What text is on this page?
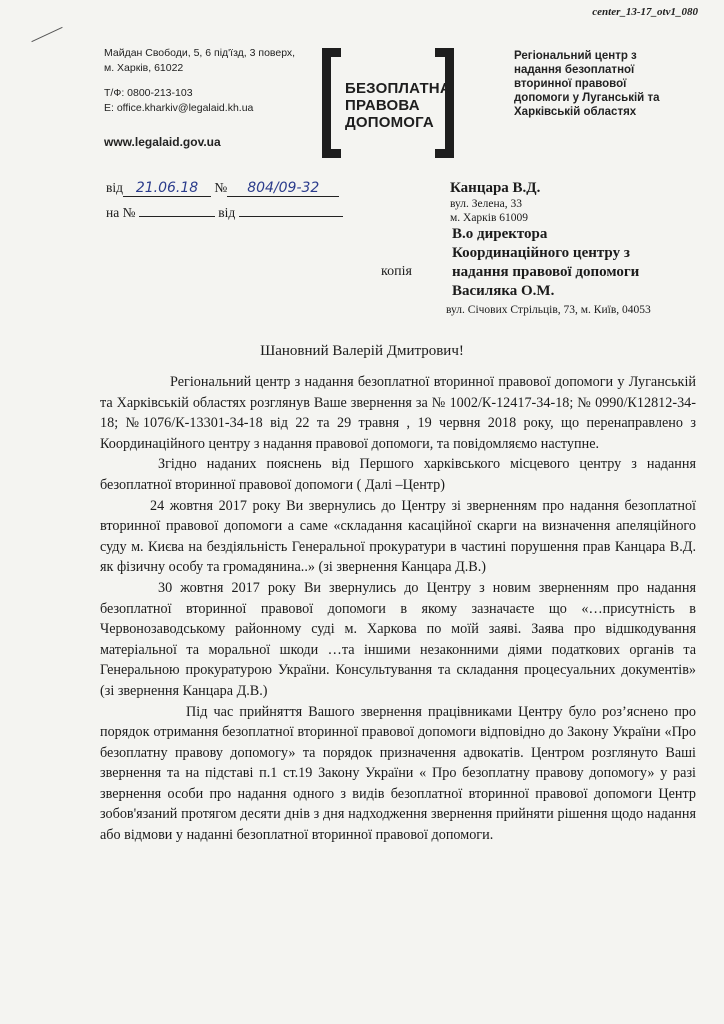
center_13-17_otv1_080
Майдан Свободи, 5, 6 під'їзд, 3 поверх,
м. Харків, 61022
Т/Ф: 0800-213-103
E: office.kharkiv@legalaid.kh.ua
www.legalaid.gov.ua
БЕЗОПЛАТНА
ПРАВОВА
ДОПОМОГА
Регіональний центр з
надання безоплатної
вторинної правової
допомоги у Луганській та
Харківській областях
від 21.06.18 № 804/09-32
на №	від
Канцара В.Д.
вул. Зелена, 33
м. Харків 61009
копія
В.о директора
Координаційного центру з
надання правової допомоги
Василяка О.М.
вул. Січових Стрільців, 73, м. Київ, 04053
Шановний Валерій Дмитрович!

Регіональний центр з надання безоплатної вторинної правової допомоги у Луганській та Харківській областях розглянув Ваше звернення за № 1002/К-12417-34-18; № 0990/К12812-34-18; №1076/К-13301-34-18 від 22 та 29 травня , 19 червня 2018 року, що перенаправлено з Координаційного центру з надання правової допомоги, та повідомляємо наступне.

Згідно наданих пояснень від Першого харківського місцевого центру з надання безоплатної вторинної правової допомоги ( Далі –Центр)

24 жовтня 2017 року Ви звернулись до Центру зі зверненням про надання безоплатної вторинної правової допомоги а саме «складання касаційної скарги на визначення апеляційного суду м. Києва на бездіяльність Генеральної прокуратури в частині порушення прав Канцара В.Д. як фізичну особу та громадянина..» (зі звернення Канцара Д.В.)

30 жовтня 2017 року Ви звернулись до Центру з новим зверненням про надання безоплатної вторинної правової допомоги в якому зазначаєте що «…присутність в Червонозаводському районному суді м. Харкова по моїй заяві. Заява про відшкодування матеріальної та моральної шкоди …та іншими незаконними діями податкових органів та Генеральною прокуратурою України. Консультування та складання процесуальних документів» (зі звернення Канцара Д.В.)

Під час прийняття Вашого звернення працівниками Центру було роз’яснено про порядок отримання безоплатної вторинної правової допомоги відповідно до Закону України «Про безоплатну правову допомогу» та порядок призначення адвокатів. Центром розглянуто Ваші звернення та на підставі п.1 ст.19 Закону України « Про безоплатну правову допомогу» у разі звернення особи про надання одного з видів безоплатної вторинної правової допомоги Центр зобов'язаний протягом десяти днів з дня надходження звернення прийняти рішення щодо надання або відмови у наданні безоплатної вторинної правової допомоги.
